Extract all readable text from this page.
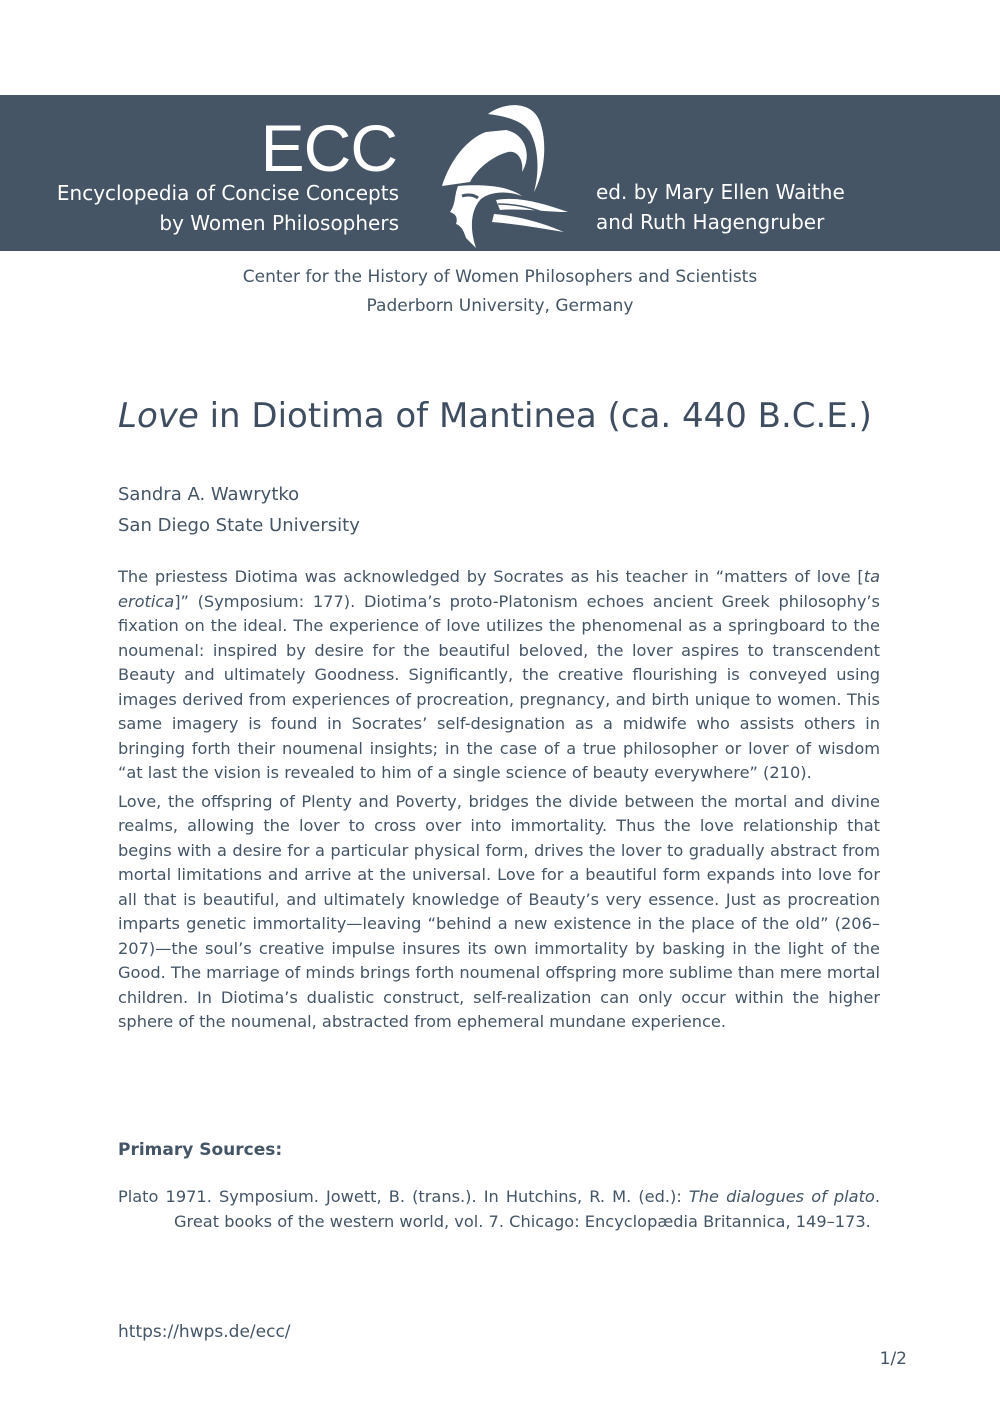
ECC
Encyclopedia of Concise Concepts
by Women Philosophers
ed. by Mary Ellen Waithe
and Ruth Hagengruber
Center for the History of Women Philosophers and Scientists
Paderborn University, Germany
Love in Diotima of Mantinea (ca. 440 B.C.E.)
Sandra A. Wawrytko
San Diego State University

The priestess Diotima was acknowledged by Socrates as his teacher in “matters of love [ta erotica]” (Symposium: 177). Diotima’s proto-Platonism echoes ancient Greek philosophy’s fixation on the ideal. The experience of love utilizes the phenomenal as a springboard to the noumenal: inspired by desire for the beautiful beloved, the lover aspires to transcendent Beauty and ultimately Goodness. Significantly, the creative flourishing is conveyed using images derived from experiences of procreation, pregnancy, and birth unique to women. This same imagery is found in Socrates’ self-designation as a midwife who assists others in bringing forth their noumenal insights; in the case of a true philosopher or lover of wisdom “at last the vision is revealed to him of a single science of beauty everywhere” (210).

Love, the offspring of Plenty and Poverty, bridges the divide between the mortal and divine realms, allowing the lover to cross over into immortality. Thus the love relationship that begins with a desire for a particular physical form, drives the lover to gradually abstract from mortal limitations and arrive at the universal. Love for a beautiful form expands into love for all that is beautiful, and ultimately knowledge of Beauty’s very essence. Just as procreation imparts genetic immortality—leaving “behind a new existence in the place of the old” (206–207)—the soul’s creative impulse insures its own immortality by basking in the light of the Good. The marriage of minds brings forth noumenal offspring more sublime than mere mortal children. In Diotima’s dualistic construct, self-realization can only occur within the higher sphere of the noumenal, abstracted from ephemeral mundane experience.

Primary Sources:
Plato 1971. Symposium. Jowett, B. (trans.). In Hutchins, R. M. (ed.): The dialogues of plato. Great books of the western world, vol. 7. Chicago: Encyclopædia Britannica, 149–173.
https://hwps.de/ecc/
1/2
